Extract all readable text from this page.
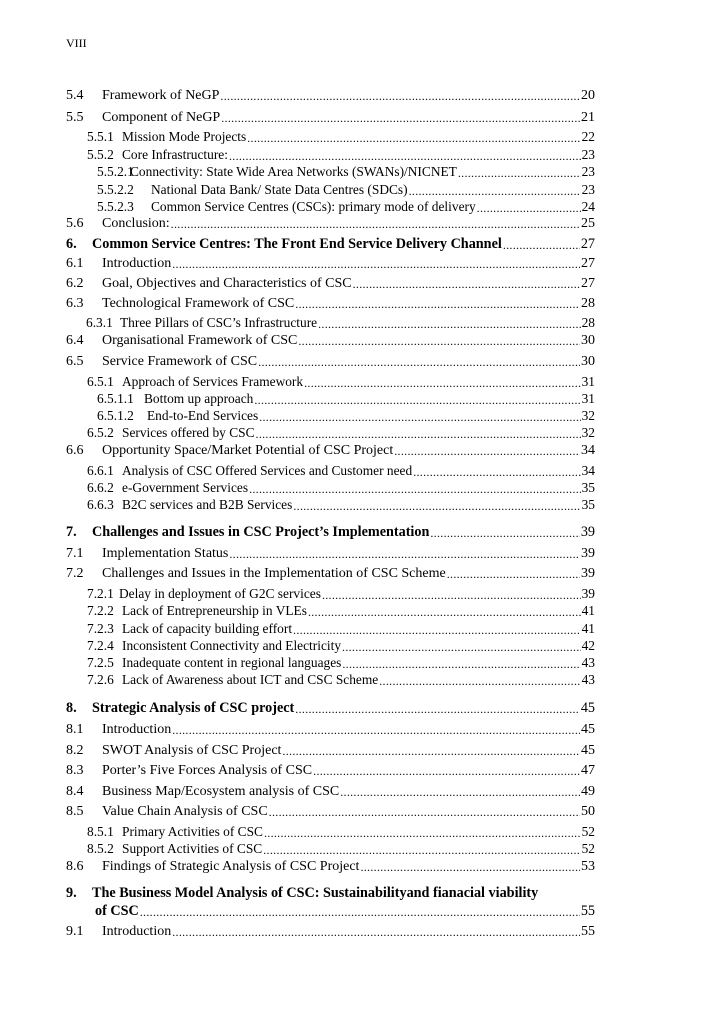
VIII
5.4	Framework of NeGP .....	20
5.5	Component of NeGP .....	21
5.5.1 Mission Mode Projects .....	22
5.5.2 Core Infrastructure: .....	23
5.5.2.1
Connectivity: State Wide Area Networks (SWANs)/NICNET .....	23
5.5.2.2	National Data Bank/ State Data Centres (SDCs) .....	23
5.5.2.3	Common Service Centres (CSCs): primary mode of delivery .....	24
5.6	Conclusion: .....	25
6.	Common Service Centres: The Front End Service Delivery Channel .....	27
6.1	Introduction .....	27
6.2	Goal, Objectives and Characteristics of CSC .....	27
6.3	Technological Framework of CSC .....	28
6.3.1 Three Pillars of CSC’s Infrastructure .....	28
6.4	Organisational Framework of CSC .....	30
6.5	Service Framework of CSC .....	30
6.5.1 Approach of Services Framework .....	31
6.5.1.1 Bottom up approach .....	31
6.5.1.2 End-to-End Services .....	32
6.5.2 Services offered by CSC .....	32
6.6	Opportunity Space/Market Potential of CSC Project .....	34
6.6.1 Analysis of CSC Offered Services and Customer need .....	34
6.6.2 e-Government Services .....	35
6.6.3 B2C services and B2B Services .....	35
7.	Challenges and Issues in CSC Project’s Implementation .....	39
7.1	Implementation Status .....	39
7.2	Challenges and Issues in the Implementation of CSC Scheme .....	39
7.2.1 Delay in deployment of G2C services .....	39
7.2.2 Lack of Entrepreneurship in VLEs .....	41
7.2.3 Lack of capacity building effort .....	41
7.2.4 Inconsistent Connectivity and Electricity .....	42
7.2.5 Inadequate content in regional languages .....	43
7.2.6 Lack of Awareness about ICT and CSC Scheme .....	43
8.	Strategic Analysis of CSC project .....	45
8.1	Introduction .....	45
8.2	SWOT Analysis of CSC Project .....	45
8.3	Porter’s Five Forces Analysis of CSC .....	47
8.4	Business Map/Ecosystem analysis of CSC .....	49
8.5	Value Chain Analysis of CSC .....	50
8.5.1 Primary Activities of CSC .....	52
8.5.2 Support Activities of CSC .....	52
8.6	Findings of Strategic Analysis of CSC Project .....	53
9.	The Business Model Analysis of CSC: Sustainabilityand fianacial viability
of CSC .....	55
9.1	Introduction .....	55
